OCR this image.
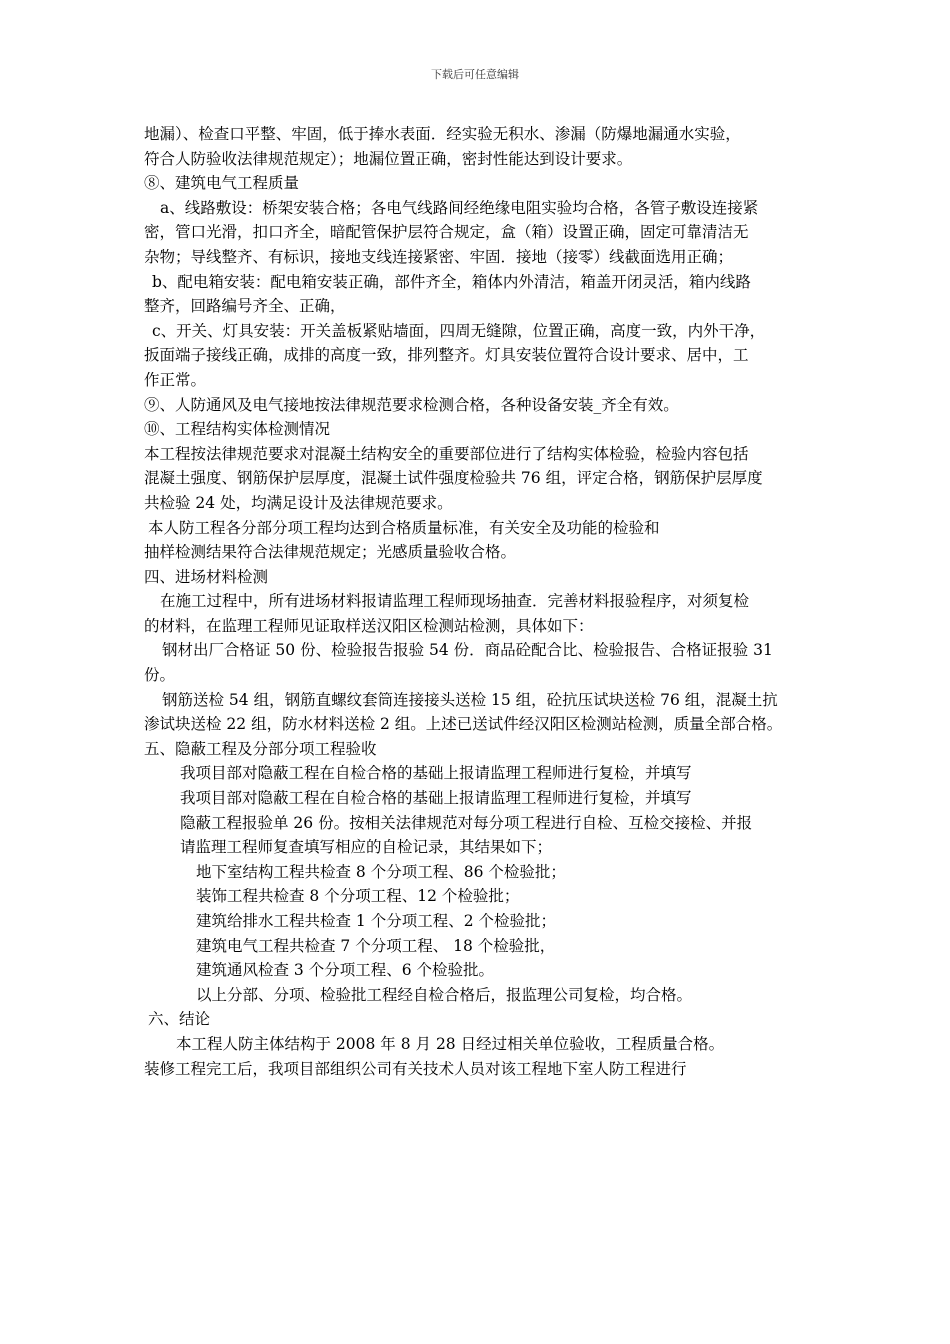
下载后可任意编辑

地漏）、检查口平整、牢固，低于捧水表面．经实验无积水、渗漏（防爆地漏通水实验，

符合人防验收法律规范规定）；地漏位置正确，密封性能达到设计要求。

⑧、建筑电气工程质量

a、线路敷设：桥架安装合格；各电气线路间经绝缘电阻实验均合格，各管子敷设连接紧

密，管口光滑，扣口齐全，暗配管保护层符合规定，盒（箱）设置正确，固定可靠清洁无

杂物；导线整齐、有标识，接地支线连接紧密、牢固．接地（接零）线截面选用正确；

b、配电箱安装：配电箱安装正确，部件齐全，箱体内外清洁，箱盖开闭灵活，箱内线路

整齐，回路编号齐全、正确，

c、开关、灯具安装：开关盖板紧贴墙面，四周无缝隙，位置正确，高度一致，内外干净，

扳面端子接线正确，成排的高度一致，排列整齐。灯具安装位置符合设计要求、居中，工

作正常。

⑨、人防通风及电气接地按法律规范要求检测合格，各种设备安装_齐全有效。

⑩、工程结构实体检测情况

本工程按法律规范要求对混凝土结构安全的重要部位进行了结构实体检验，检验内容包括

混凝土强度、钢筋保护层厚度，混凝土试件强度检验共 76 组，评定合格，钢筋保护层厚度

共检验 24 处，均满足设计及法律规范要求。

本人防工程各分部分项工程均达到合格质量标准，有关安全及功能的检验和

抽样检测结果符合法律规范规定；光感质量验收合格。

四、进场材料检测

在施工过程中，所有进场材料报请监理工程师现场抽查．完善材料报验程序，对须复检

的材料，在监理工程师见证取样送汉阳区检测站检测，具体如下：

钢材出厂合格证 50 份、检验报告报验 54 份．商品砼配合比、检验报告、合格证报验 31

份。

钢筋送检 54 组，钢筋直螺纹套筒连接接头送检 15 组，砼抗压试块送检 76 组，混凝土抗

渗试块送检 22 组，防水材料送检 2 组。上述已送试件经汉阳区检测站检测，质量全部合格。

五、隐蔽工程及分部分项工程验收

我项目部对隐蔽工程在自检合格的基础上报请监理工程师进行复检，并填写

我项目部对隐蔽工程在自检合格的基础上报请监理工程师进行复检，并填写

隐蔽工程报验单 26 份。按相关法律规范对每分项工程进行自检、互检交接检、并报

请监理工程师复查填写相应的自检记录，其结果如下；

地下室结构工程共检查 8 个分项工程、86 个检验批；

装饰工程共检查 8 个分项工程、12 个检验批；

建筑给排水工程共检查 1 个分项工程、2 个检验批；

建筑电气工程共检查 7 个分项工程、 18 个检验批，

建筑通风检查 3 个分项工程、6 个检验批。

以上分部、分项、检验批工程经自检合格后，报监理公司复检，均合格。

六、结论

本工程人防主体结构于 2008 年 8 月 28 日经过相关单位验收，工程质量合格。

装修工程完工后，我项目部组织公司有关技术人员对该工程地下室人防工程进行
